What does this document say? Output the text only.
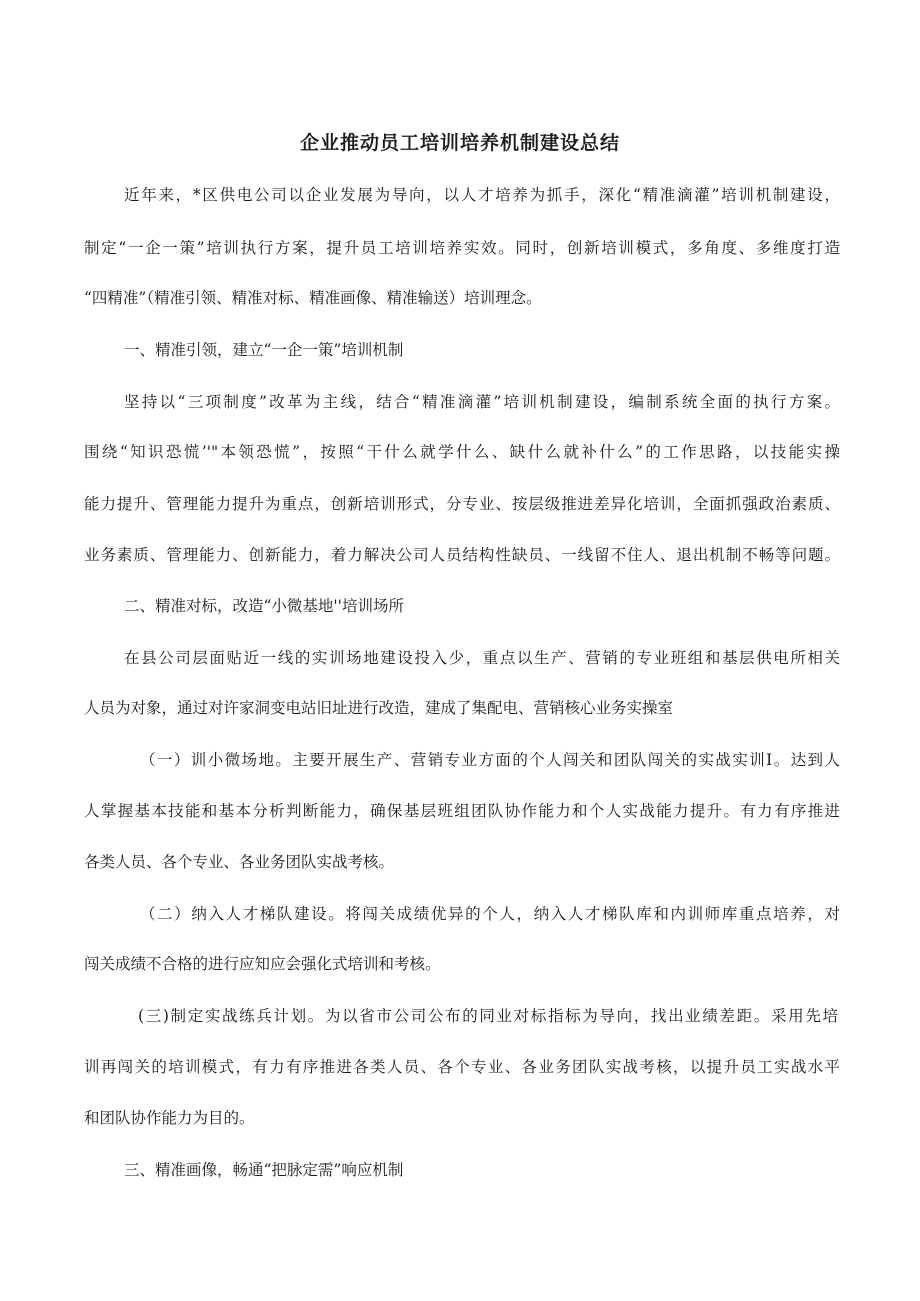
企业推动员工培训培养机制建设总结
近年来，*区供电公司以企业发展为导向，以人才培养为抓手，深化“精准滴灌”培训机制建设，
制定“一企一策”培训执行方案，提升员工培训培养实效。同时，创新培训模式，多角度、多维度打造
“四精准”（精准引领、精准对标、精准画像、精准输送）培训理念。
一、精准引领，建立“一企一策”培训机制
坚持以“三项制度”改革为主线，结合“精准滴灌”培训机制建设，编制系统全面的执行方案。
围绕“知识恐慌’'"本领恐慌”，按照“干什么就学什么、缺什么就补什么”的工作思路，以技能实操
能力提升、管理能力提升为重点，创新培训形式，分专业、按层级推进差异化培训，全面抓强政治素质、
业务素质、管理能力、创新能力，着力解决公司人员结构性缺员、一线留不住人、退出机制不畅等问题。
二、精准对标，改造“小微基地''培训场所
在县公司层面贴近一线的实训场地建设投入少，重点以生产、营销的专业班组和基层供电所相关
人员为对象，通过对许家洞变电站旧址进行改造，建成了集配电、营销核心业务实操室
（一）训小微场地。主要开展生产、营销专业方面的个人闯关和团队闯关的实战实训I。达到人
人掌握基本技能和基本分析判断能力，确保基层班组团队协作能力和个人实战能力提升。有力有序推进
各类人员、各个专业、各业务团队实战考核。
（二）纳入人才梯队建设。将闯关成绩优异的个人，纳入人才梯队库和内训师库重点培养，对
闯关成绩不合格的进行应知应会强化式培训和考核。
(三)制定实战练兵计划。为以省市公司公布的同业对标指标为导向，找出业绩差距。采用先培
训再闯关的培训模式，有力有序推进各类人员、各个专业、各业务团队实战考核，以提升员工实战水平
和团队协作能力为目的。
三、精准画像，畅通“把脉定需”响应机制
